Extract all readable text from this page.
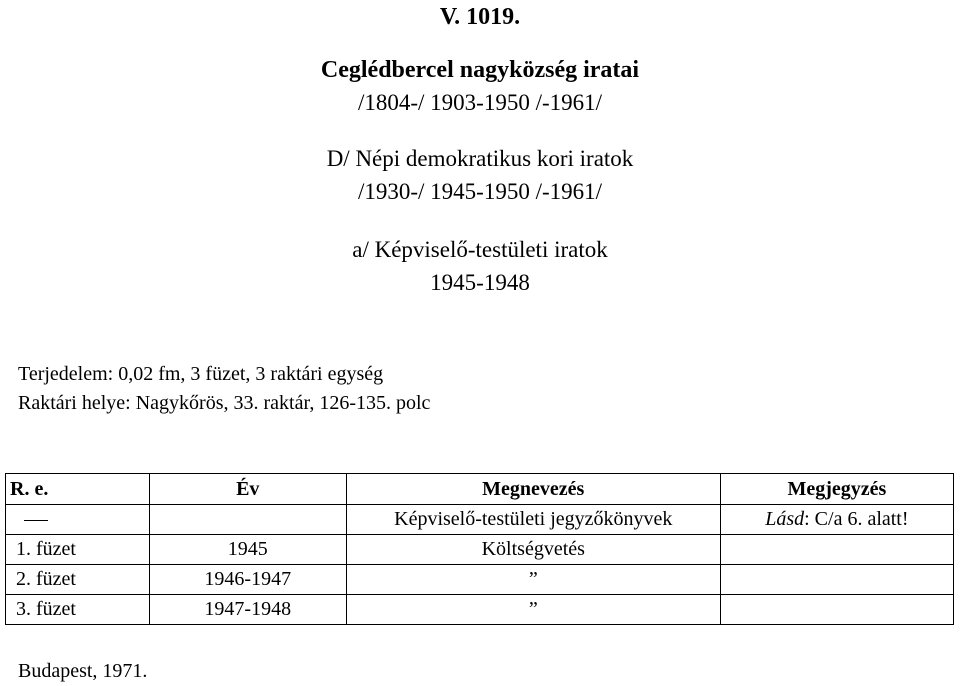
V. 1019.
Ceglédbercel nagyközség iratai
/1804-/ 1903-1950 /-1961/
D/ Népi demokratikus kori iratok
/1930-/ 1945-1950 /-1961/
a/ Képviselő-testületi iratok
1945-1948
Terjedelem: 0,02 fm, 3 füzet, 3 raktári egység
Raktári helye: Nagykőrös, 33. raktár, 126-135. polc
R. e.	Év	Megnevezés	Megjegyzés
		Képviselő-testületi jegyzőkönyvek	Lásd: C/a 6. alatt!
1. füzet	1945	Költségvetés	
2. füzet	1946-1947	”	
3. füzet	1947-1948	”	
Budapest, 1971.
